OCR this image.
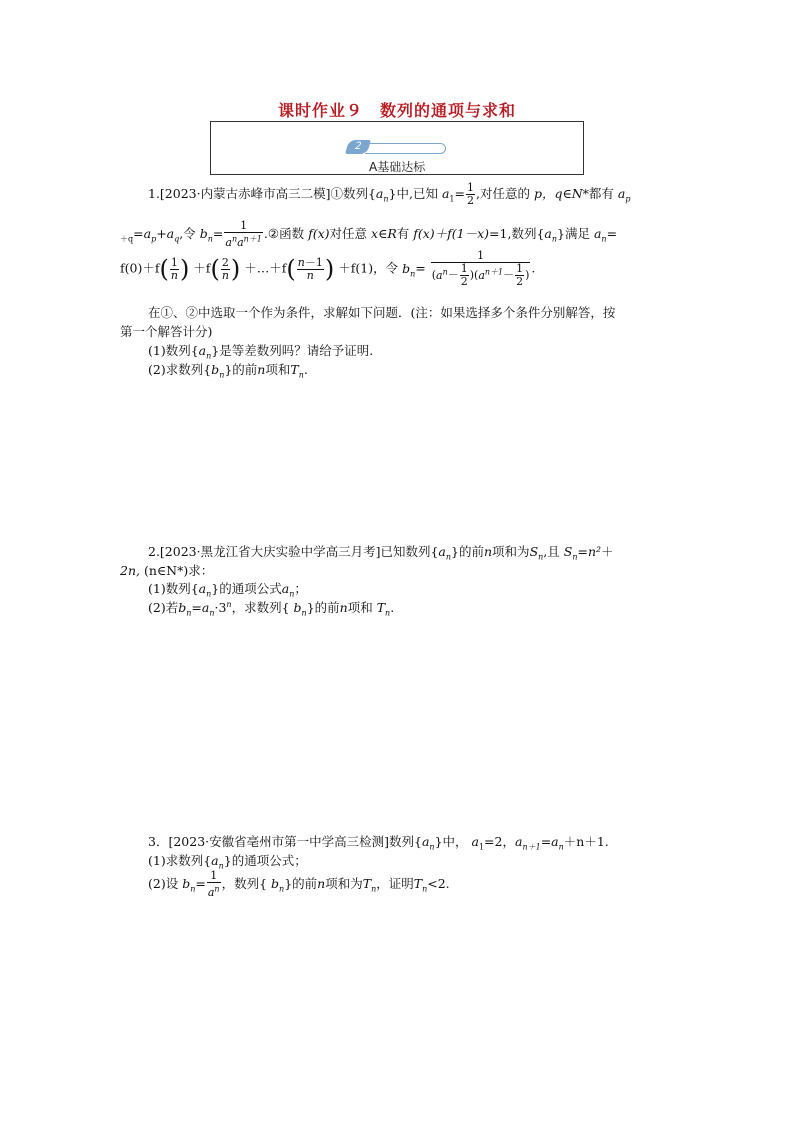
课时作业９　数列的通项与求和
2
A基础达标
1.[2023·内蒙古赤峰市高三二模]①数列$\{a_n\}$中,已知 $a_1= \frac{1}{2}$ ,对任意的 p，q∈N*都有 $a_p$
$_{+q}=a_p+a_q$,令 $b_n= \frac{1}{a^na^{n+1}}$ .②函数 f(x)对任意 x∈R有 f(x)＋f(1－x)=1,数列$\{a_n\}$满足 $a_n=$
$f(0)+f( \frac{1}{n}$ ) $+f( \frac{2}{n}$ ) ＋…＋f( $\frac{n-1}{n}$ ) ＋f(1)，令 $b_n= \frac{1}{(a^n- \frac{1}{2} )(a^{n+1}- \frac{1}{2} )}$ .
在①、②中选取一个作为条件，求解如下问题．(注：如果选择多个条件分别解答，按
第一个解答计分)
(1)数列$\{a_n\}$是等差数列吗？请给予证明.
(2)求数列$\{b_n\}$的前n项和$T_n$.
2.[2023·黑龙江省大庆实验中学高三月考]已知数列$\{a_n\}$的前n项和为$S_n$,且 $S_n=n^2+$
2n, (n∈N*)求：
(1)数列$\{a_n\}$的通项公式$a_n$；
(2)若$b_n=a_n\cdot 3^n$，求数列{ $b_n$}的前n项和 $T_n$.
3．[2023·安徽省亳州市第一中学高三检测]数列$\{a_n\}$中， $a_1=2$，$a_{n+1}=a_n+n+1$.
(1)求数列$\{a_n\}$的通项公式；
(2)设 $b_n= \frac{1}{a^n}$ ，数列{ $b_n$}的前n项和为$T_n$，证明$T_n<2$.
